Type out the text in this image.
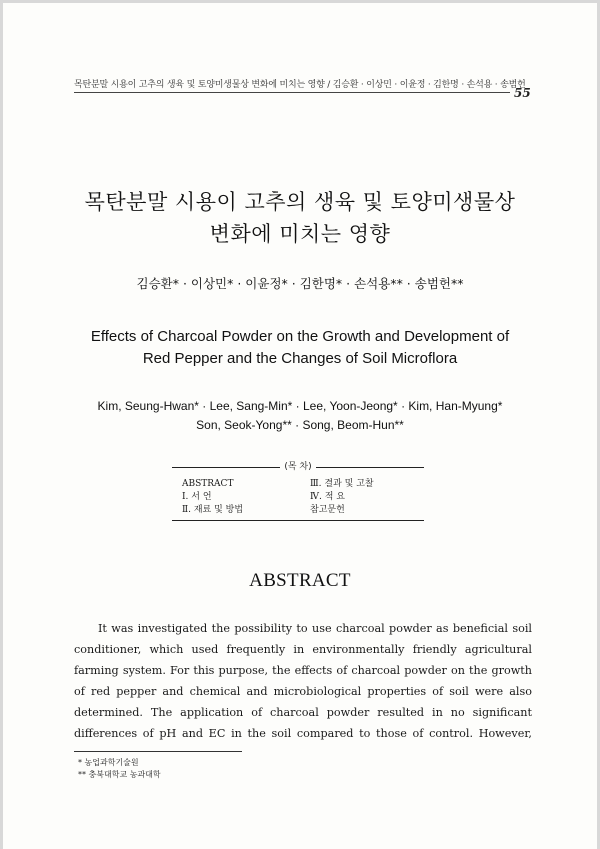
목탄분말 시용이 고추의 생육 및 토양미생물상 변화에 미치는 영향 / 김승환 · 이상민 · 이윤정 · 김한명 · 손석용 · 송범헌
55
목탄분말 시용이 고추의 생육 및 토양미생물상
변화에 미치는 영향
김승환* · 이상민* · 이윤정* · 김한명* · 손석용** · 송범헌**
Effects of Charcoal Powder on the Growth and Development of
Red Pepper and the Changes of Soil Microflora
Kim, Seung-Hwan* · Lee, Sang-Min* · Lee, Yoon-Jeong* · Kim, Han-Myung*
Son, Seok-Yong** · Song, Beom-Hun**
(목 차)
ABSTRACT
Ⅰ. 서 언
Ⅱ. 재료 및 방법
Ⅲ. 결과 및 고찰
Ⅳ. 적 요
참고문헌
ABSTRACT
It was investigated the possibility to use charcoal powder as beneficial soil
conditioner, which used frequently in environmentally friendly agricultural
farming system. For this purpose, the effects of charcoal powder on the growth
of red pepper and chemical and microbiological properties of soil were also
determined. The application of charcoal powder resulted in no significant
differences of pH and EC in the soil compared to those of control. However,
* 농업과학기술원
** 충북대학교 농과대학
